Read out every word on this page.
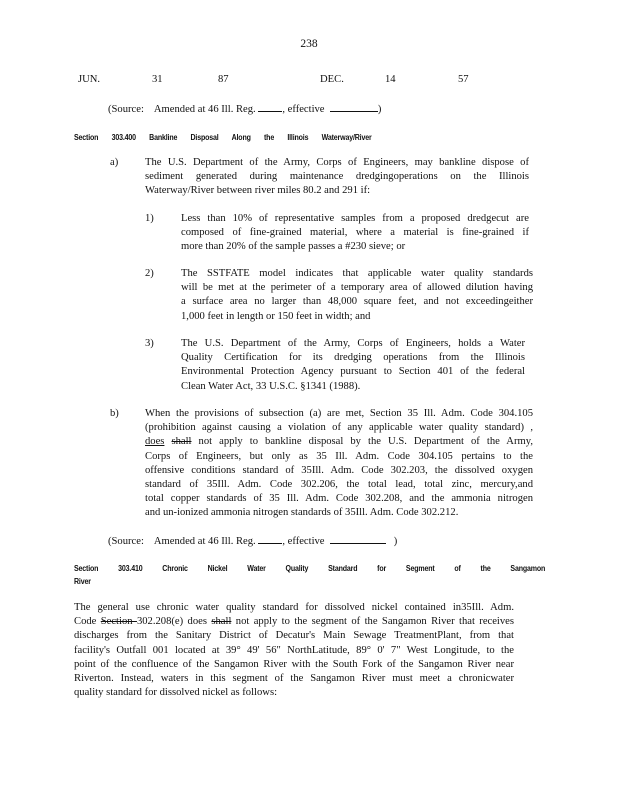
238
JUN.	31	87	DEC.	14	57
(Source: Amended at 46 Ill. Reg.	, effective	)
Section 303.400 Bankline Disposal Along the Illinois Waterway/River
a)	The U.S. Department of the Army, Corps of Engineers, may bankline dispose of
sediment generated during maintenance dredgingoperations on the Illinois
Waterway/River between river miles 80.2 and 291 if:
1)	Less than 10% of representative samples from a proposed dredgecut are
composed of fine-grained material, where a material is fine-grained if
more than 20% of the sample passes a #230 sieve; or
2)	The SSTFATE model indicates that applicable water quality standards
will be met at the perimeter of a temporary area of allowed dilution having
a surface area no larger than 48,000 square feet, and not exceedingeither
1,000 feet in length or 150 feet in width; and
3)	The U.S. Department of the Army, Corps of Engineers, holds a Water
Quality Certification for its dredging operations from the Illinois
Environmental Protection Agency pursuant to Section 401 of the federal
Clean Water Act, 33 U.S.C. §1341 (1988).
b) When the provisions of subsection (a) are met, Section 35 Ill. Adm. Code 304.105
(prohibition against causing a violation of any applicable water quality standard) ,
does shall not apply to bankline disposal by the U.S. Department of the Army,
Corps of Engineers, but only as 35 Ill. Adm. Code 304.105 pertains to the
offensive conditions standard of 35Ill. Adm. Code 302.203, the dissolved oxygen
standard of 35Ill. Adm. Code 302.206, the total lead, total zinc, mercury,and
total copper standards of 35 Ill. Adm. Code 302.208, and the ammonia nitrogen
and un-ionized ammonia nitrogen standards of 35Ill. Adm. Code 302.212.
(Source: Amended at 46 Ill. Reg.	, effective	)
Section 303.410 Chronic Nickel Water Quality Standard for Segment of the Sangamon
River
The general use chronic water quality standard for dissolved nickel contained in35Ill. Adm.
Code Section 302.208(e) does shall not apply to the segment of the Sangamon River that receives
discharges from the Sanitary District of Decatur's Main Sewage TreatmentPlant, from that
facility's Outfall 001 located at 39° 49' 56" NorthLatitude, 89° 0' 7" West Longitude, to the
point of the confluence of the Sangamon River with the South Fork of the Sangamon River near
Riverton. Instead, waters in this segment of the Sangamon River must meet a chronicwater
quality standard for dissolved nickel as follows:
